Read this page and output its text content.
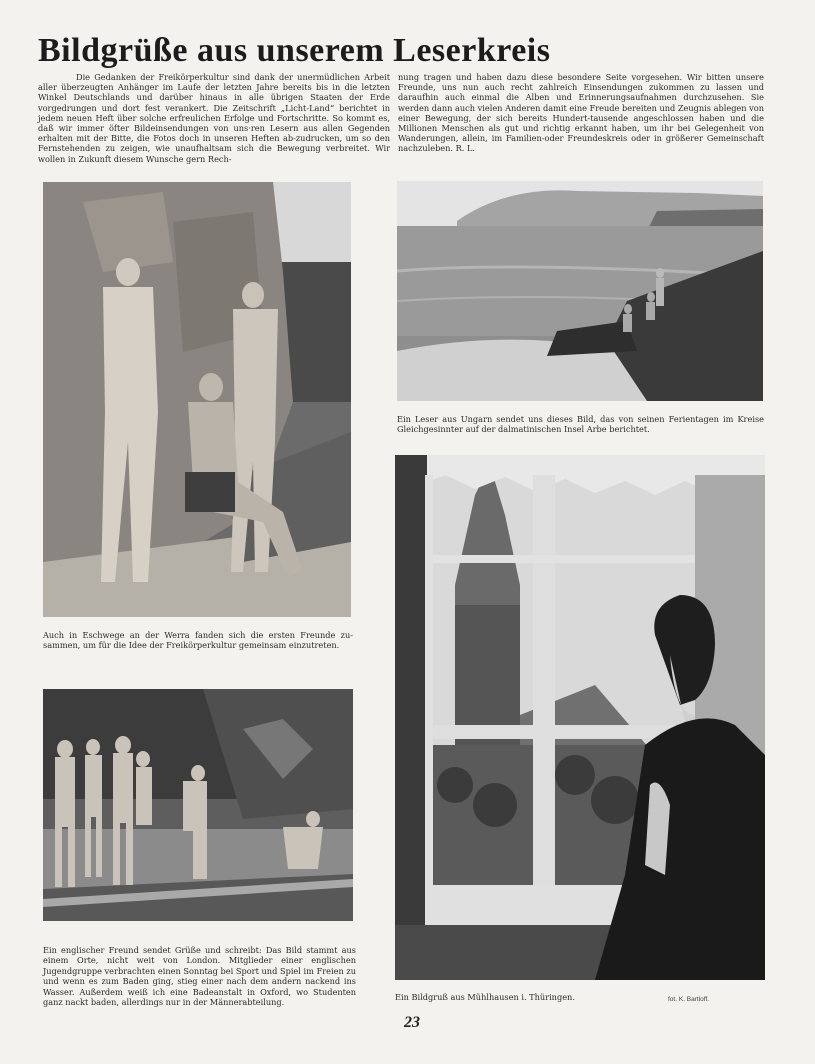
Bildgrüße aus unserem Leserkreis
Die Gedanken der Freikörperkultur sind dank der unermüdlichen Arbeit aller überzeugten Anhänger im Laufe der letzten Jahre bereits bis in die letzten Winkel Deutschlands und darüber hinaus in alle übrigen Staaten der Erde vorgedrungen und dort fest verankert. Die Zeitschrift „Licht-Land“ berichtet in jedem neuen Heft über solche erfreulichen Erfolge und Fortschritte. So kommt es, daß wir immer öfter Bildeinsendungen von uns·ren Lesern aus allen Gegenden erhalten mit der Bitte, die Fotos doch in unseren Heften ab-zudrucken, um so den Fernstehenden zu zeigen, wie unaufhaltsam sich die Bewegung verbreitet. Wir wollen in Zukunft diesem Wunsche gern Rech-
nung tragen und haben dazu diese besondere Seite vorgesehen. Wir bitten unsere Freunde, uns nun auch recht zahlreich Einsendungen zukommen zu lassen und daraufhin auch einmal die Alben und Erinnerungsaufnahmen durchzusehen. Sie werden dann auch vielen Anderen damit eine Freude bereiten und Zeugnis ablegen von einer Bewegung, der sich bereits Hundert-tausende angeschlossen haben und die Millionen Menschen als gut und richtig erkannt haben, um ihr bei Gelegenheit von Wanderungen, allein, im Familien-oder Freundeskreis oder in größerer Gemeinschaft nachzuleben. R. L.
Auch in Eschwege an der Werra fanden sich die ersten Freunde zu-sammen, um für die Idee der Freikörperkultur gemeinsam einzutreten.
Ein Leser aus Ungarn sendet uns dieses Bild, das von seinen Ferientagen im Kreise Gleichgesinnter auf der dalmatinischen Insel Arbe berichtet.
Ein englischer Freund sendet Grüße und schreibt: Das Bild stammt aus einem Orte, nicht weit von London. Mitglieder einer englischen Jugendgruppe verbrachten einen Sonntag bei Sport und Spiel im Freien zu und wenn es zum Baden ging, stieg einer nach dem andern nackend ins Wasser. Außerdem weiß ich eine Badeanstalt in Oxford, wo Studenten ganz nackt baden, allerdings nur in der Männerabteilung.
Ein Bildgruß aus Mühlhausen i. Thüringen.	fot. K. Bartloff.
23
